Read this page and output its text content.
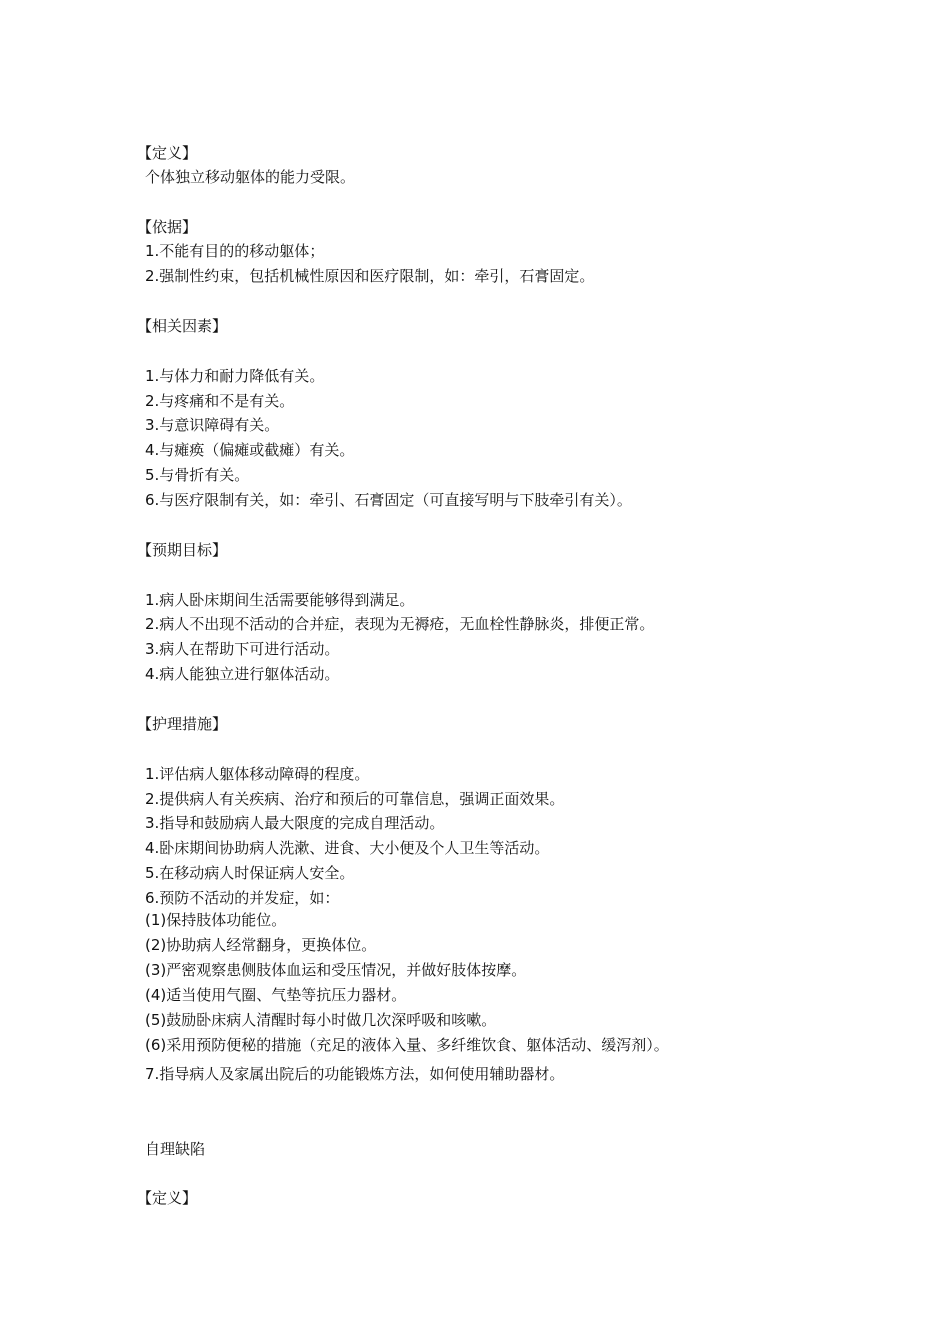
【定义】
个体独立移动躯体的能力受限。
【依据】
1.不能有目的的移动躯体；
2.强制性约束，包括机械性原因和医疗限制，如：牵引，石膏固定。
【相关因素】
1.与体力和耐力降低有关。
2.与疼痛和不是有关。
3.与意识障碍有关。
4.与瘫痪（偏瘫或截瘫）有关。
5.与骨折有关。
6.与医疗限制有关，如：牵引、石膏固定（可直接写明与下肢牵引有关）。
【预期目标】
1.病人卧床期间生活需要能够得到满足。
2.病人不出现不活动的合并症，表现为无褥疮，无血栓性静脉炎，排便正常。
3.病人在帮助下可进行活动。
4.病人能独立进行躯体活动。
【护理措施】
1.评估病人躯体移动障碍的程度。
2.提供病人有关疾病、治疗和预后的可靠信息，强调正面效果。
3.指导和鼓励病人最大限度的完成自理活动。
4.卧床期间协助病人洗漱、进食、大小便及个人卫生等活动。
5.在移动病人时保证病人安全。
6.预防不活动的并发症，如：
(1)保持肢体功能位。
(2)协助病人经常翻身，更换体位。
(3)严密观察患侧肢体血运和受压情况，并做好肢体按摩。
(4)适当使用气圈、气垫等抗压力器材。
(5)鼓励卧床病人清醒时每小时做几次深呼吸和咳嗽。
(6)采用预防便秘的措施（充足的液体入量、多纤维饮食、躯体活动、缓泻剂）。
7.指导病人及家属出院后的功能锻炼方法，如何使用辅助器材。
自理缺陷
【定义】
